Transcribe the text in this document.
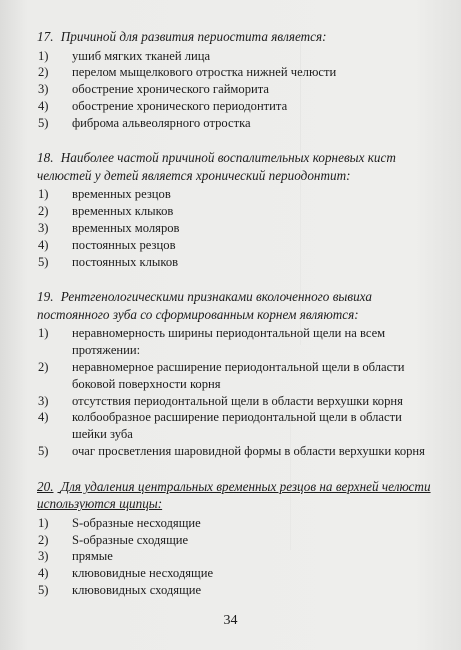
17. Причиной для развития периостита является:
1)	ушиб мягких тканей лица
2)	перелом мыщелкового отростка нижней челюсти
3)	обострение хронического гайморита
4)	обострение хронического периодонтита
5)	фиброма альвеолярного отростка
18. Наиболее частой причиной воспалительных корневых кист челюстей у детей является хронический периодонтит:
1)	временных резцов
2)	временных клыков
3)	временных моляров
4)	постоянных резцов
5)	постоянных клыков
19. Рентгенологическими признаками вколоченного вывиха постоянного зуба со сформированным корнем являются:
1)	неравномерность ширины периодонтальной щели на всем протяжении:
2)	неравномерное расширение периодонтальной щели в области боковой поверхности корня
3)	отсутствия периодонтальной щели в области верхушки корня
4)	колбообразное расширение периодонтальной щели в области шейки зуба
5)	очаг просветления шаровидной формы в области верхушки корня
20. Для удаления центральных временных резцов на верхней челюсти используются щипцы:
1)	S-образные несходящие
2)	S-образные сходящие
3)	прямые
4)	клювовидные несходящие
5)	клювовидных сходящие
34
